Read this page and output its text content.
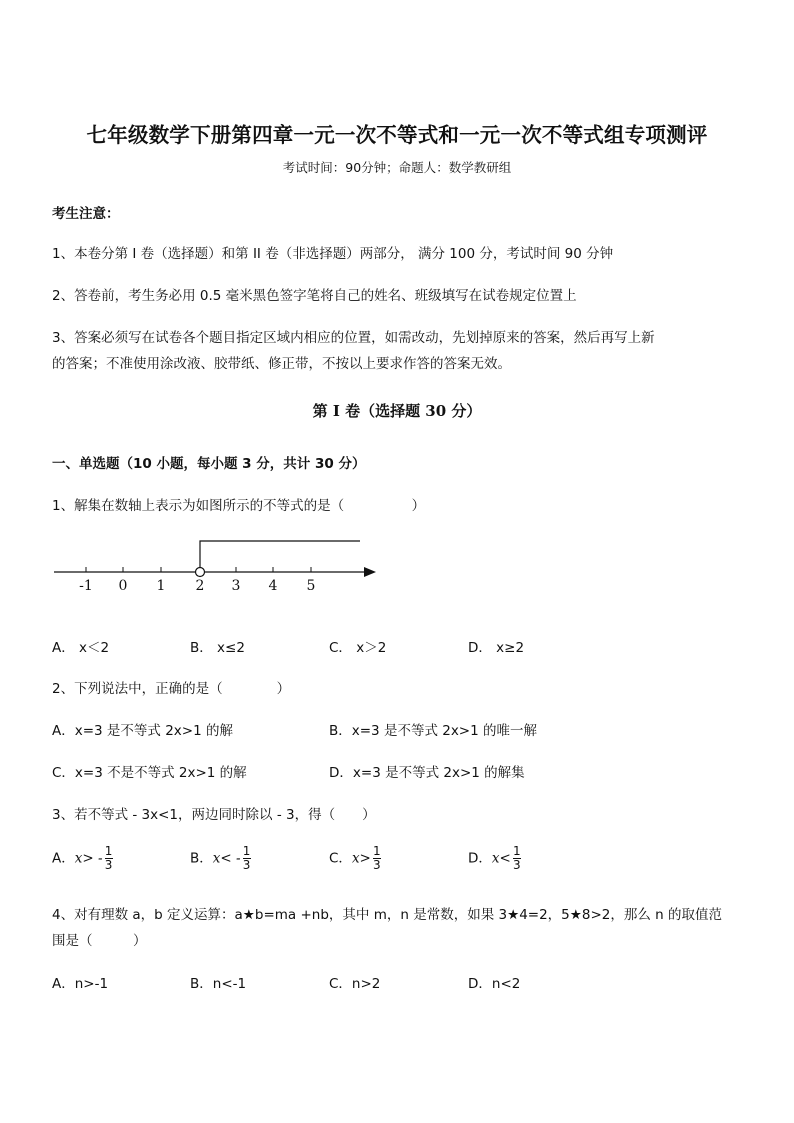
七年级数学下册第四章一元一次不等式和一元一次不等式组专项测评
考试时间：90分钟；命题人：数学教研组
考生注意：
1、本卷分第 I 卷（选择题）和第 II 卷（非选择题）两部分， 满分 100 分，考试时间 90 分钟
2、答卷前，考生务必用 0.5 毫米黑色签字笔将自己的姓名、班级填写在试卷规定位置上
3、答案必须写在试卷各个题目指定区域内相应的位置，如需改动，先划掉原来的答案，然后再写上新
的答案；不准使用涂改液、胶带纸、修正带，不按以上要求作答的答案无效。
第 I 卷（选择题 30 分）
一、单选题（10 小题，每小题 3 分，共计 30 分）
1、解集在数轴上表示为如图所示的不等式的是（　　　　　）
-1 0 1 2 3 4 5
A． x＜2	B． x≤2	C． x＞2	D． x≥2
2、下列说法中，正确的是（　　　　）
A．x=3 是不等式 2x>1 的解	B．x=3 是不等式 2x>1 的唯一解
C．x=3 不是不等式 2x>1 的解	D．x=3 是不等式 2x>1 的解集
3、若不等式 - 3x<1，两边同时除以 - 3，得（　　）
A．$x> - \frac{1}{3}$	B．$x< - \frac{1}{3}$	C．$x> \frac{1}{3}$	D．$x< \frac{1}{3}$
4、对有理数 a，b 定义运算：a★b=ma +nb，其中 m，n 是常数，如果 3★4=2，5★8>2，那么 n 的取值范
围是（　　　）
A．n>-1	B．n<-1	C．n>2	D．n<2
